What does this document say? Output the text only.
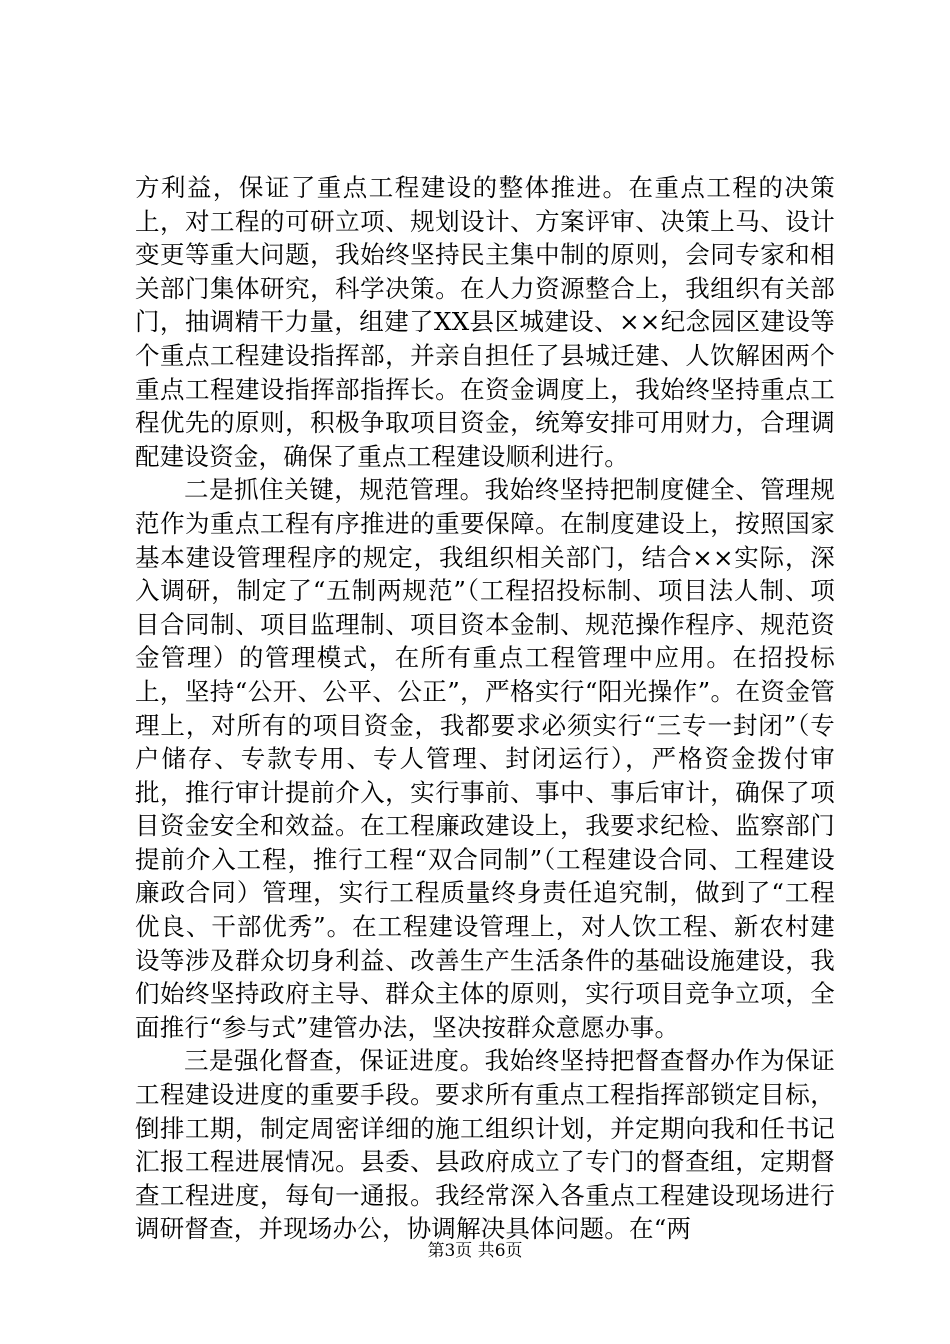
方利益，保证了重点工程建设的整体推进。在重点工程的决策上，对工程的可研立项、规划设计、方案评审、决策上马、设计变更等重大问题，我始终坚持民主集中制的原则，会同专家和相关部门集体研究，科学决策。在人力资源整合上，我组织有关部门，抽调精干力量，组建了XX县区城建设、××纪念园区建设等个重点工程建设指挥部，并亲自担任了县城迁建、人饮解困两个重点工程建设指挥部指挥长。在资金调度上，我始终坚持重点工程优先的原则，积极争取项目资金，统筹安排可用财力，合理调配建设资金，确保了重点工程建设顺利进行。

二是抓住关键，规范管理。我始终坚持把制度健全、管理规范作为重点工程有序推进的重要保障。在制度建设上，按照国家基本建设管理程序的规定，我组织相关部门，结合××实际，深入调研，制定了“五制两规范”（工程招投标制、项目法人制、项目合同制、项目监理制、项目资本金制、规范操作程序、规范资金管理）的管理模式，在所有重点工程管理中应用。在招投标上，坚持“公开、公平、公正”，严格实行“阳光操作”。在资金管理上，对所有的项目资金，我都要求必须实行“三专一封闭”（专户储存、专款专用、专人管理、封闭运行），严格资金拨付审批，推行审计提前介入，实行事前、事中、事后审计，确保了项目资金安全和效益。在工程廉政建设上，我要求纪检、监察部门提前介入工程，推行工程“双合同制”（工程建设合同、工程建设廉政合同）管理，实行工程质量终身责任追究制，做到了“工程优良、干部优秀”。在工程建设管理上，对人饮工程、新农村建设等涉及群众切身利益、改善生产生活条件的基础设施建设，我们始终坚持政府主导、群众主体的原则，实行项目竞争立项，全面推行“参与式”建管办法，坚决按群众意愿办事。

三是强化督查，保证进度。我始终坚持把督查督办作为保证工程建设进度的重要手段。要求所有重点工程指挥部锁定目标，倒排工期，制定周密详细的施工组织计划，并定期向我和任书记汇报工程进展情况。县委、县政府成立了专门的督查组，定期督查工程进度，每旬一通报。我经常深入各重点工程建设现场进行调研督查，并现场办公，协调解决具体问题。在“两

第3页 共6页
